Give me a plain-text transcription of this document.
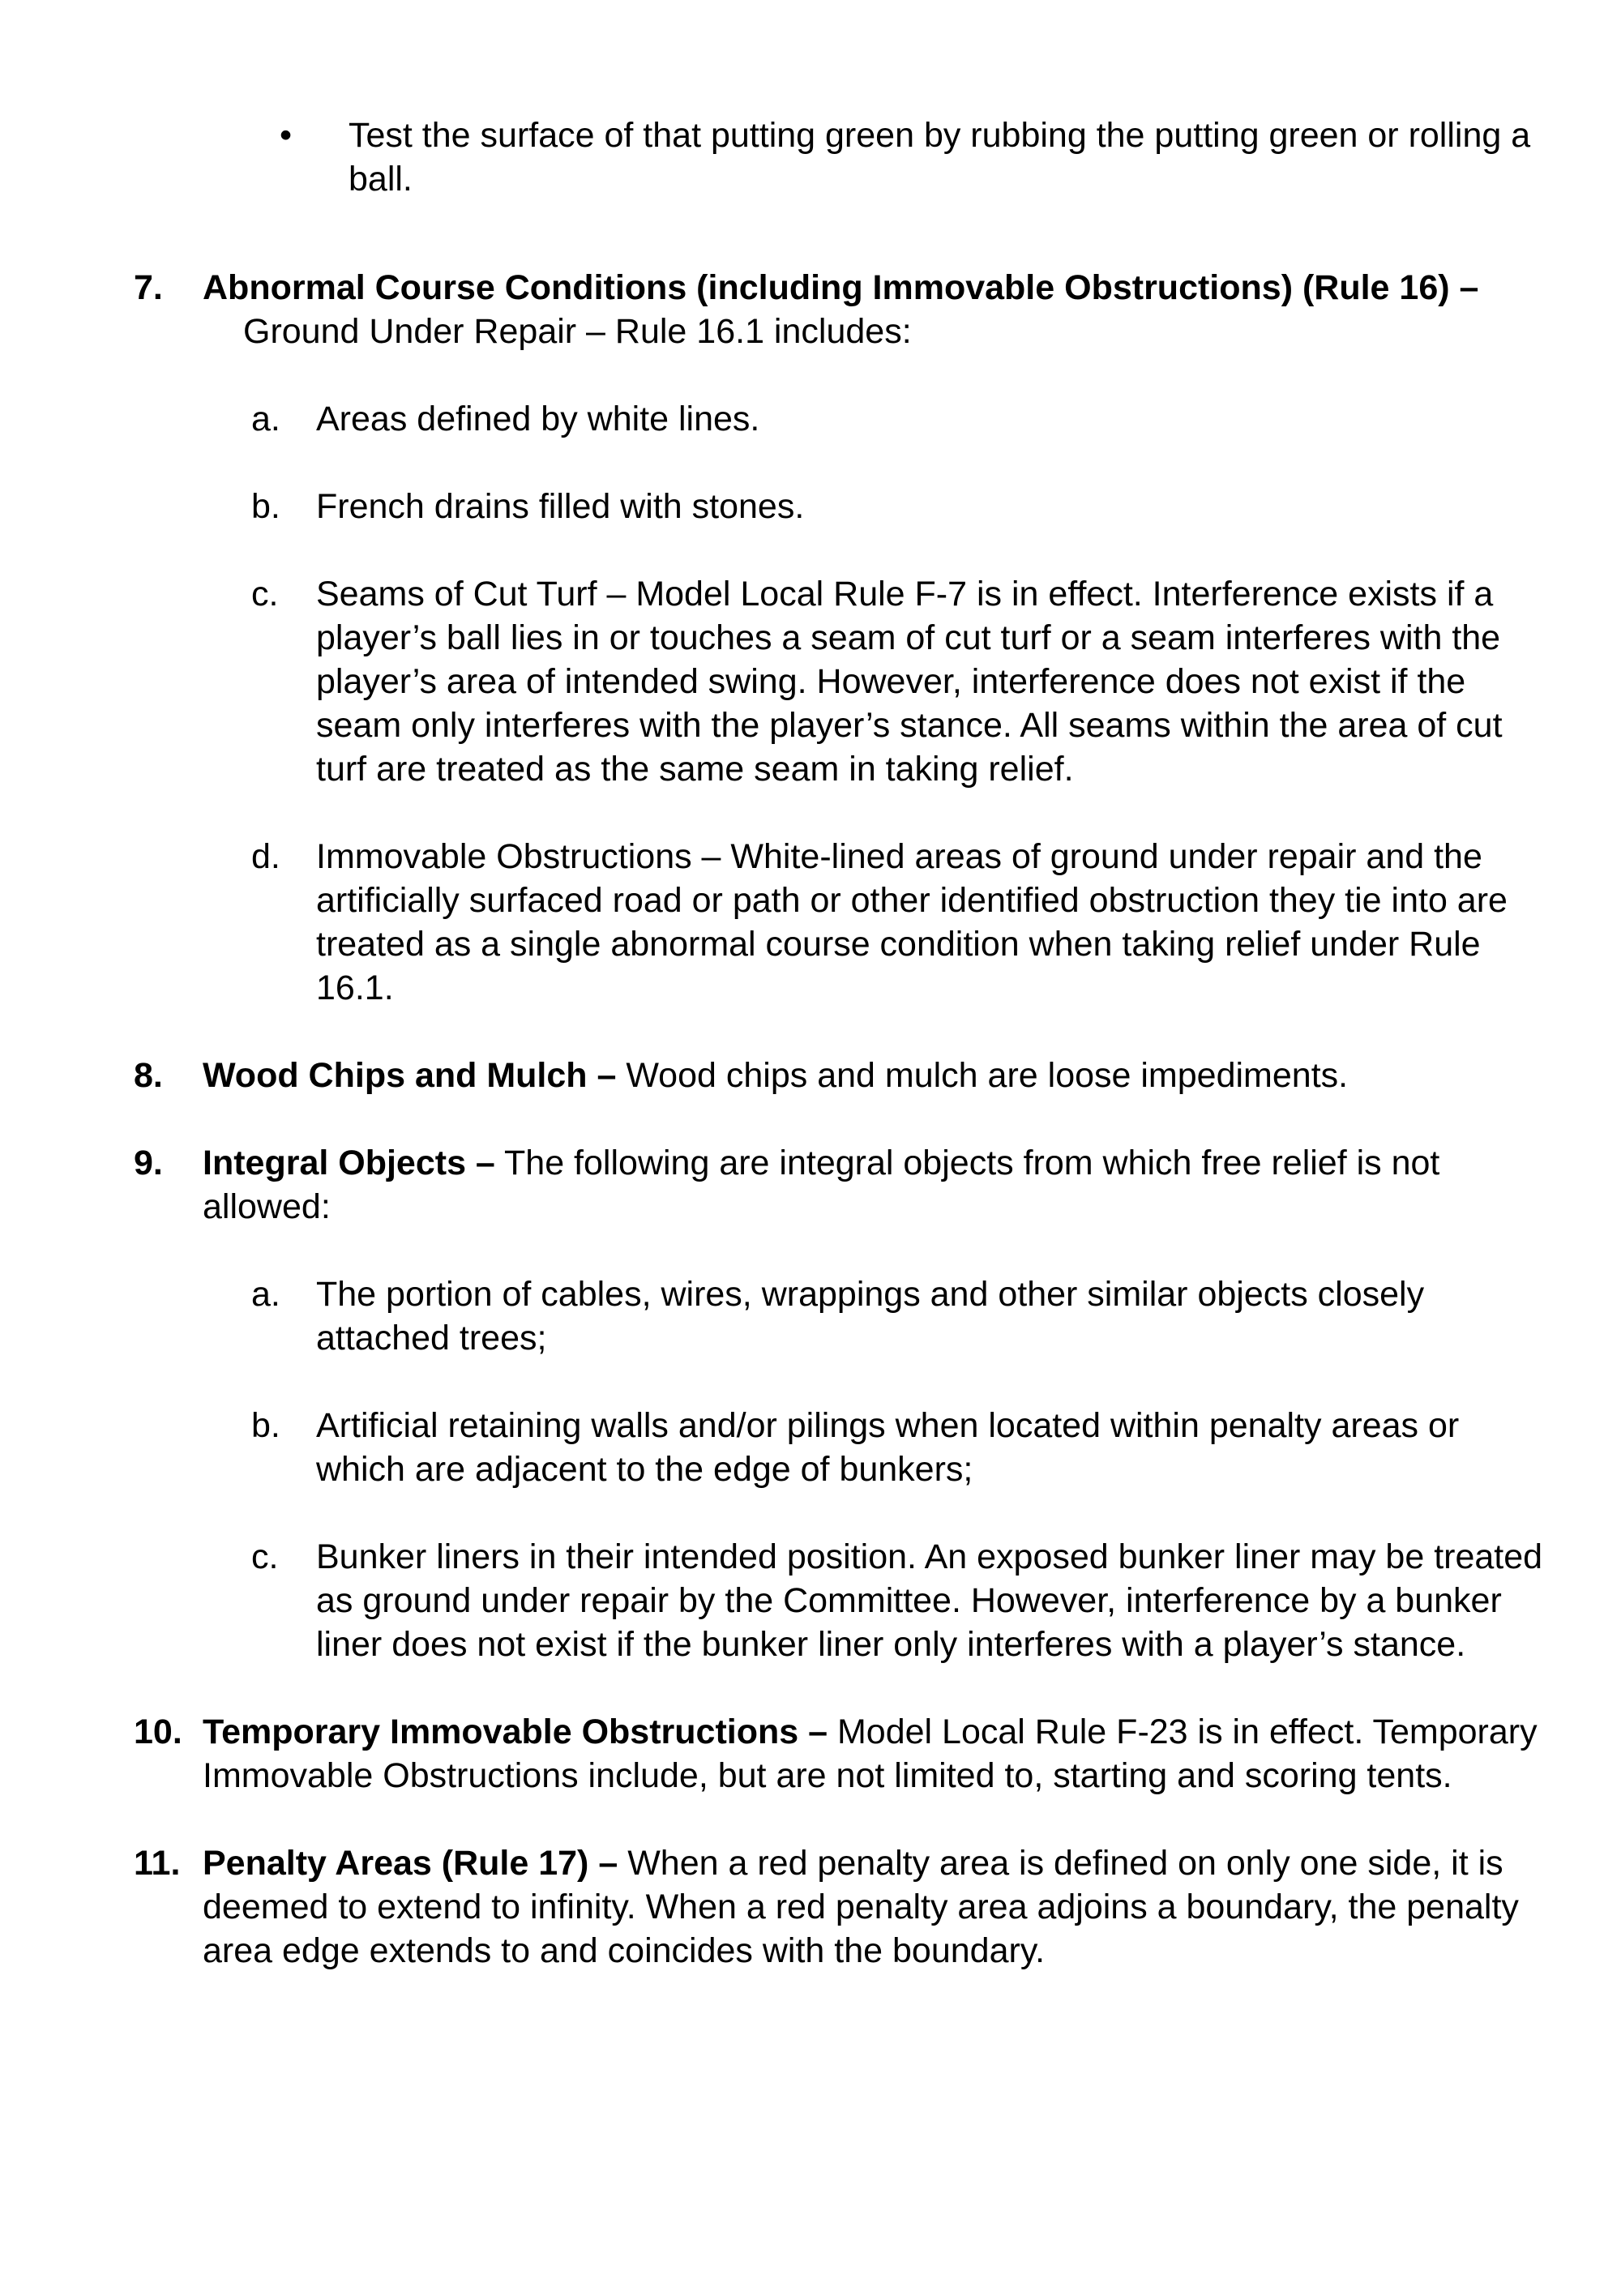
•	Test the surface of that putting green by rubbing the putting green or rolling a ball.
7.	Abnormal Course Conditions (including Immovable Obstructions) (Rule 16) –
Ground Under Repair – Rule 16.1 includes:
a.	Areas defined by white lines.
b.	French drains filled with stones.
c.	Seams of Cut Turf – Model Local Rule F-7 is in effect. Interference exists if a player’s ball lies in or touches a seam of cut turf or a seam interferes with the player’s area of intended swing. However, interference does not exist if the seam only interferes with the player’s stance. All seams within the area of cut turf are treated as the same seam in taking relief.
d.	Immovable Obstructions – White-lined areas of ground under repair and the artificially surfaced road or path or other identified obstruction they tie into are treated as a single abnormal course condition when taking relief under Rule 16.1.
8.	Wood Chips and Mulch – Wood chips and mulch are loose impediments.
9.	Integral Objects – The following are integral objects from which free relief is not allowed:
a.	The portion of cables, wires, wrappings and other similar objects closely attached trees;
b.	Artificial retaining walls and/or pilings when located within penalty areas or which are adjacent to the edge of bunkers;
c.	Bunker liners in their intended position. An exposed bunker liner may be treated as ground under repair by the Committee. However, interference by a bunker liner does not exist if the bunker liner only interferes with a player’s stance.
10. Temporary Immovable Obstructions – Model Local Rule F-23 is in effect. Temporary Immovable Obstructions include, but are not limited to, starting and scoring tents.
11. Penalty Areas (Rule 17) – When a red penalty area is defined on only one side, it is deemed to extend to infinity. When a red penalty area adjoins a boundary, the penalty area edge extends to and coincides with the boundary.
